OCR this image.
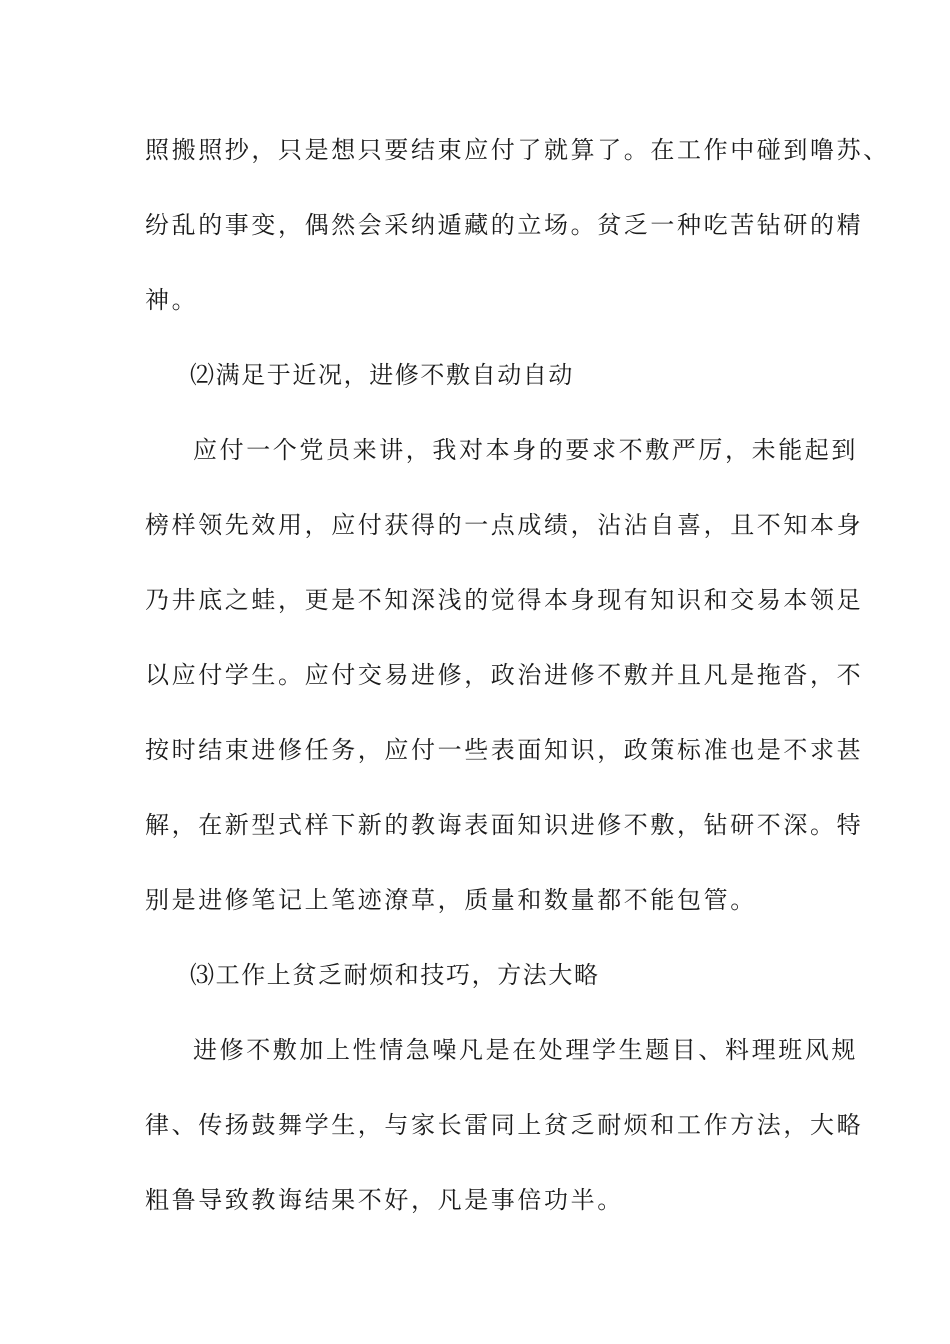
照搬照抄，只是想只要结束应付了就算了。在工作中碰到噜苏、
纷乱的事变，偶然会采纳遁藏的立场。贫乏一种吃苦钻研的精
神。
⑵满足于近况，进修不敷自动自动
应付一个党员来讲，我对本身的要求不敷严厉，未能起到
榜样领先效用，应付获得的一点成绩，沾沾自喜，且不知本身
乃井底之蛙，更是不知深浅的觉得本身现有知识和交易本领足
以应付学生。应付交易进修，政治进修不敷并且凡是拖沓，不
按时结束进修任务，应付一些表面知识，政策标准也是不求甚
解，在新型式样下新的教诲表面知识进修不敷，钻研不深。特
别是进修笔记上笔迹潦草，质量和数量都不能包管。
⑶工作上贫乏耐烦和技巧，方法大略
进修不敷加上性情急噪凡是在处理学生题目、料理班风规
律、传扬鼓舞学生，与家长雷同上贫乏耐烦和工作方法，大略
粗鲁导致教诲结果不好，凡是事倍功半。
